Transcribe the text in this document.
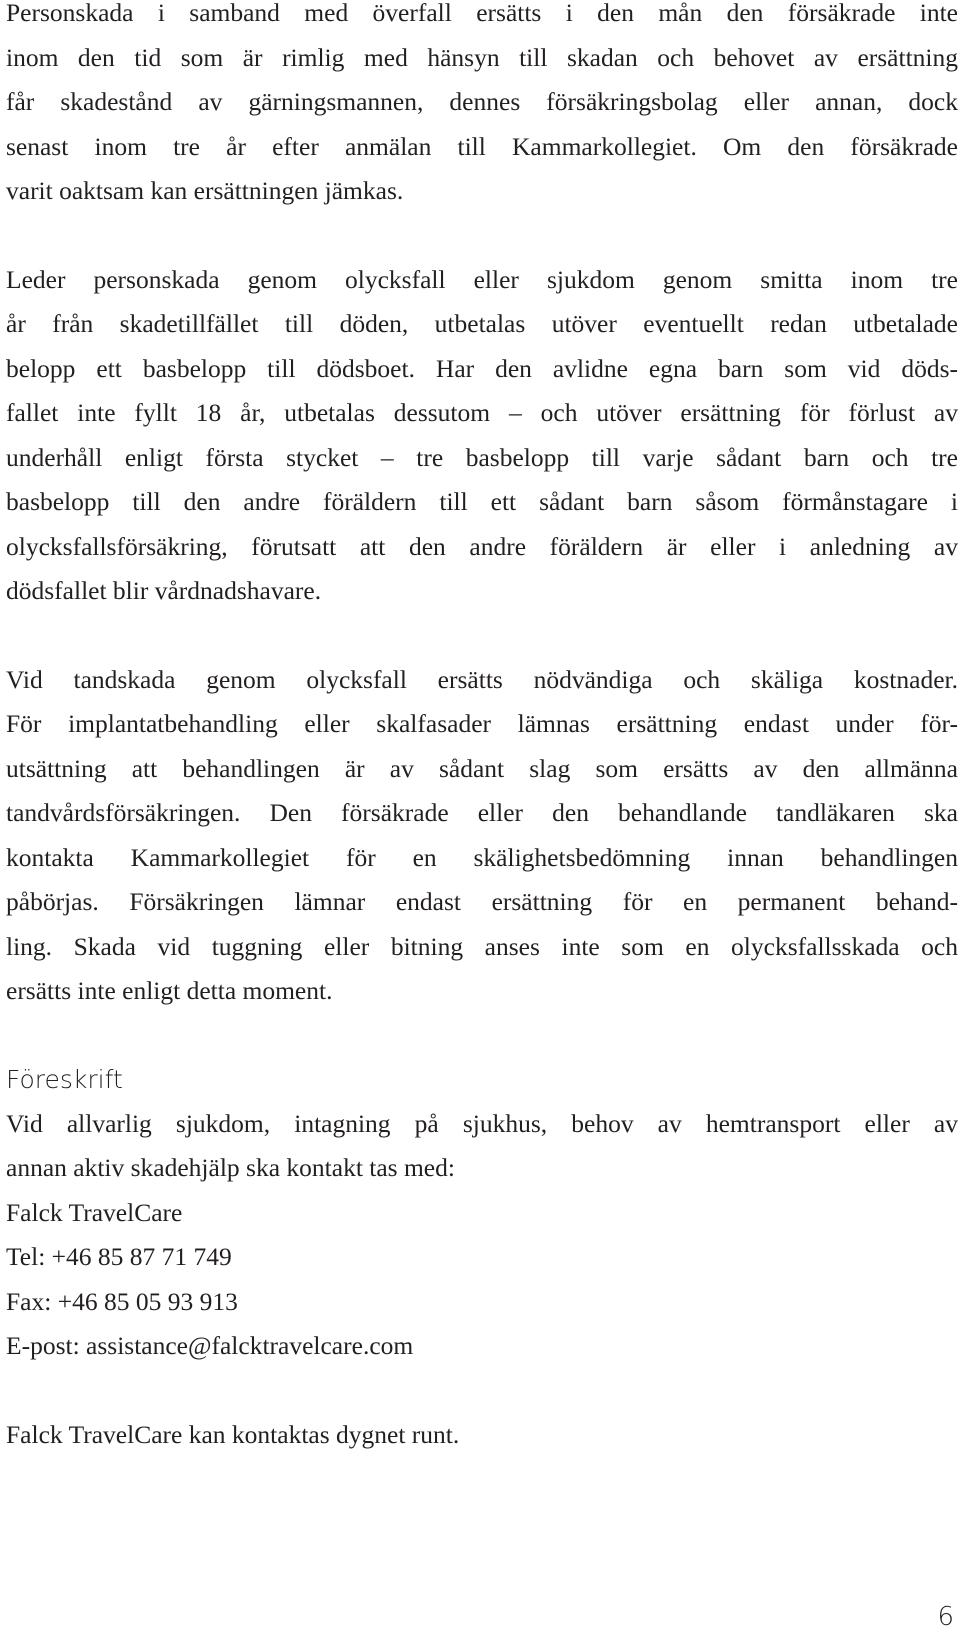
Personskada i samband med överfall ersätts i den mån den försäkrade inte
inom den tid som är rimlig med hänsyn till skadan och behovet av ersättning
får skadestånd av gärningsmannen, dennes försäkringsbolag eller annan, dock
senast inom tre år efter anmälan till Kammarkollegiet. Om den försäkrade
varit oaktsam kan ersättningen jämkas.

Leder personskada genom olycksfall eller sjukdom genom smitta inom tre
år från skadetillfället till döden, utbetalas utöver eventuellt redan utbetalade
belopp ett basbelopp till dödsboet. Har den avlidne egna barn som vid döds-
fallet inte fyllt 18 år, utbetalas dessutom – och utöver ersättning för förlust av
underhåll enligt första stycket – tre basbelopp till varje sådant barn och tre
basbelopp till den andre föräldern till ett sådant barn såsom förmånstagare i
olycksfallsförsäkring, förutsatt att den andre föräldern är eller i anledning av
dödsfallet blir vårdnadshavare.

Vid tandskada genom olycksfall ersätts nödvändiga och skäliga kostnader.
För implantatbehandling eller skalfasader lämnas ersättning endast under för-
utsättning att behandlingen är av sådant slag som ersätts av den allmänna
tandvårdsförsäkringen. Den försäkrade eller den behandlande tandläkaren ska
kontakta Kammarkollegiet för en skälighetsbedömning innan behandlingen
påbörjas. Försäkringen lämnar endast ersättning för en permanent behand-
ling. Skada vid tuggning eller bitning anses inte som en olycksfallsskada och
ersätts inte enligt detta moment.

Föreskrift

Vid allvarlig sjukdom, intagning på sjukhus, behov av hemtransport eller av
annan aktiv skadehjälp ska kontakt tas med:

Falck TravelCare
Tel: +46 85 87 71 749
Fax: +46 85 05 93 913
E-post: assistance@falcktravelcare.com

Falck TravelCare kan kontaktas dygnet runt.

6
